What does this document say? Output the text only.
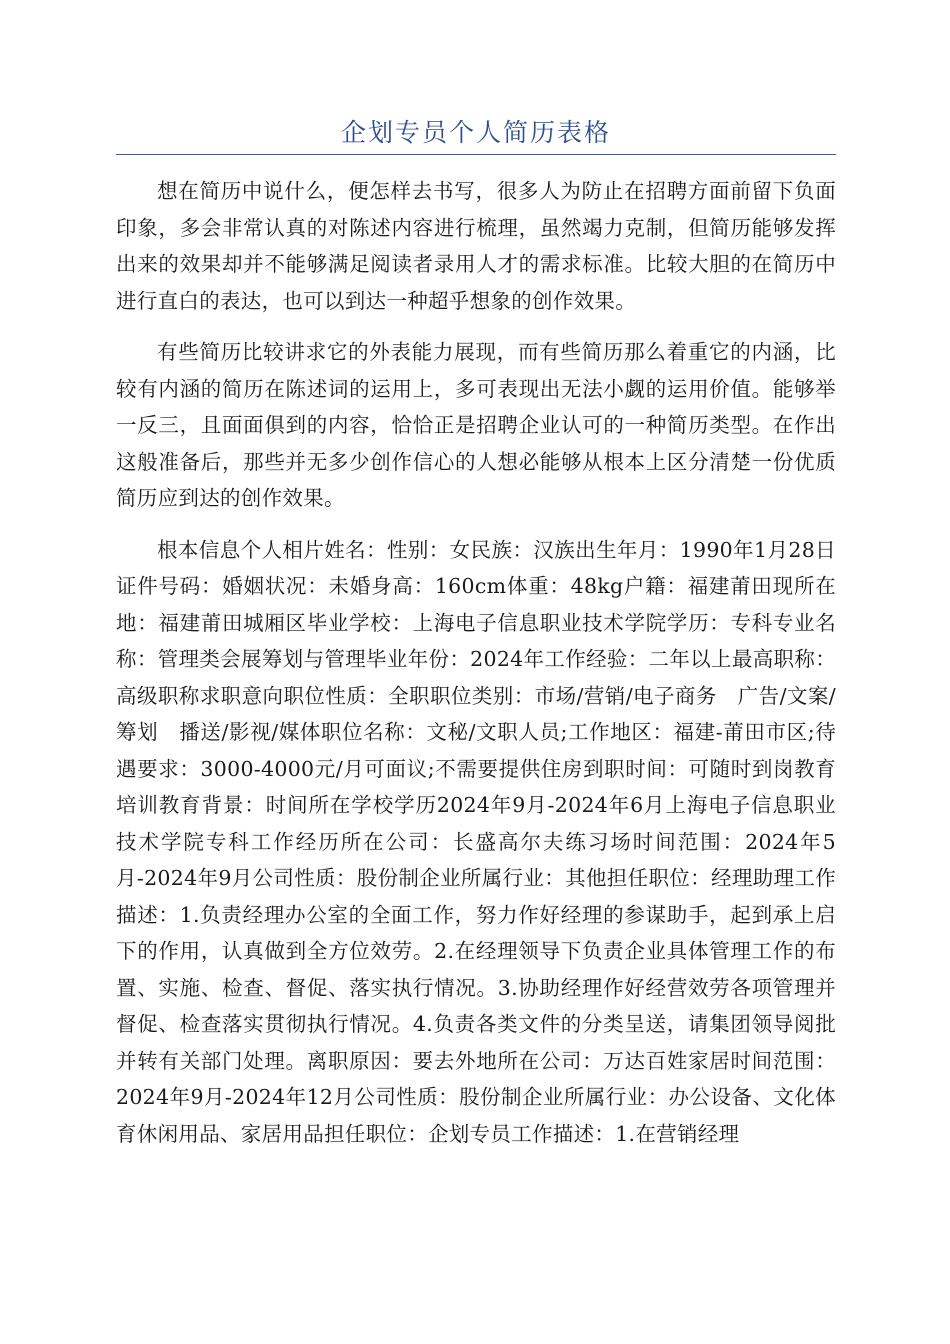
企划专员个人简历表格

想在简历中说什么，便怎样去书写，很多人为防止在招聘方面前留下负面印象，多会非常认真的对陈述内容进行梳理，虽然竭力克制，但简历能够发挥出来的效果却并不能够满足阅读者录用人才的需求标准。比较大胆的在简历中进行直白的表达，也可以到达一种超乎想象的创作效果。

有些简历比较讲求它的外表能力展现，而有些简历那么着重它的内涵，比较有内涵的简历在陈述词的运用上，多可表现出无法小觑的运用价值。能够举一反三，且面面俱到的内容，恰恰正是招聘企业认可的一种简历类型。在作出这般准备后，那些并无多少创作信心的人想必能够从根本上区分清楚一份优质简历应到达的创作效果。

根本信息个人相片姓名：性别：女民族：汉族出生年月：1990年1月28日证件号码：婚姻状况：未婚身高：160cm体重：48kg户籍：福建莆田现所在地：福建莆田城厢区毕业学校：上海电子信息职业技术学院学历：专科专业名称：管理类会展筹划与管理毕业年份：2024年工作经验：二年以上最高职称：高级职称求职意向职位性质：全职职位类别：市场/营销/电子商务　广告/文案/筹划　播送/影视/媒体职位名称：文秘/文职人员;工作地区：福建-莆田市区;待遇要求：3000-4000元/月可面议;不需要提供住房到职时间：可随时到岗教育培训教育背景：时间所在学校学历2024年9月-2024年6月上海电子信息职业技术学院专科工作经历所在公司：长盛高尔夫练习场时间范围：2024年5月-2024年9月公司性质：股份制企业所属行业：其他担任职位：经理助理工作描述：1.负责经理办公室的全面工作，努力作好经理的参谋助手，起到承上启下的作用，认真做到全方位效劳。2.在经理领导下负责企业具体管理工作的布置、实施、检查、督促、落实执行情况。3.协助经理作好经营效劳各项管理并督促、检查落实贯彻执行情况。4.负责各类文件的分类呈送，请集团领导阅批并转有关部门处理。离职原因：要去外地所在公司：万达百姓家居时间范围：2024年9月-2024年12月公司性质：股份制企业所属行业：办公设备、文化体育休闲用品、家居用品担任职位：企划专员工作描述：1.在营销经理
